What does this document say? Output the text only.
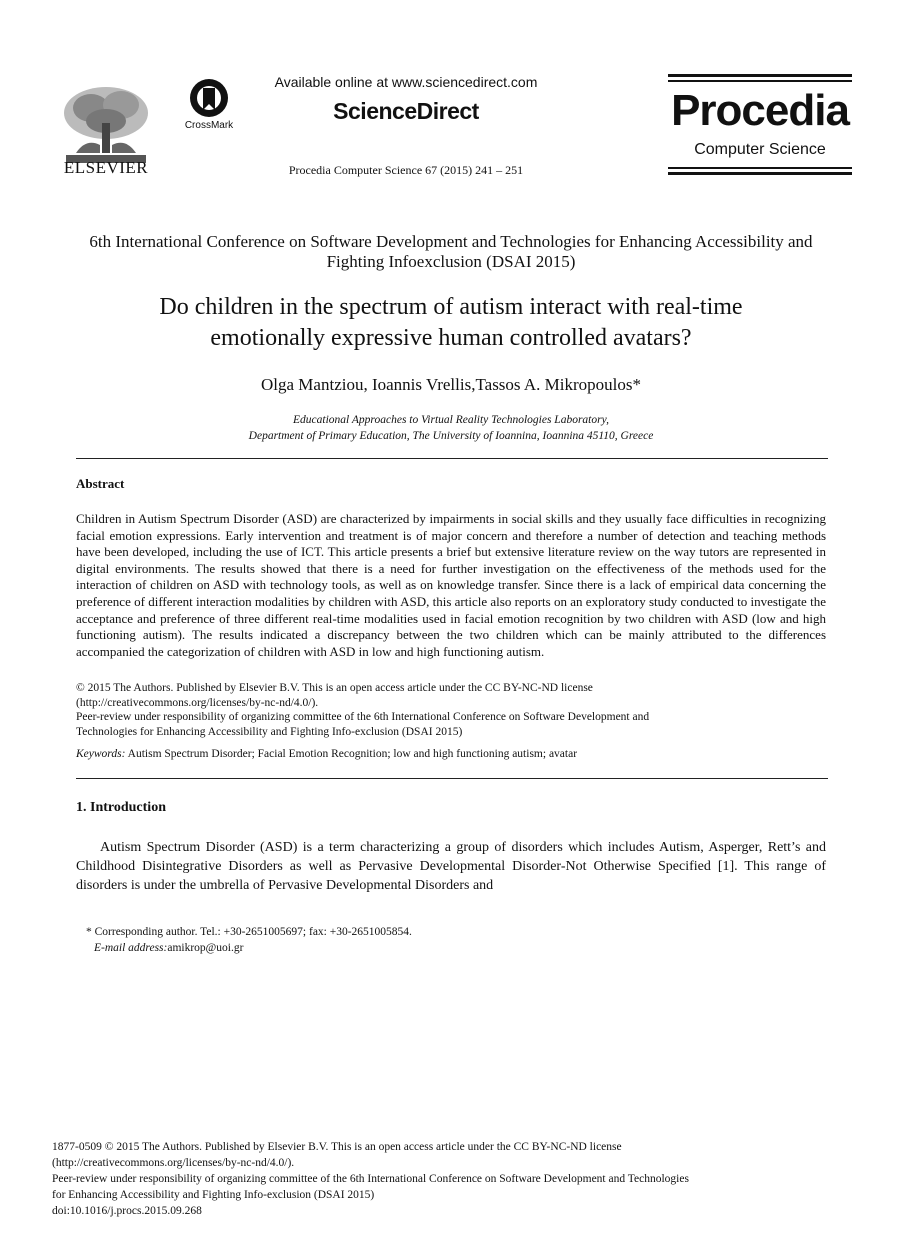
ELSEVIER
CrossMark
Available online at www.sciencedirect.com
ScienceDirect
Procedia Computer Science 67 (2015) 241 – 251
Procedia
Computer Science
6th International Conference on Software Development and Technologies for Enhancing Accessibility and Fighting Infoexclusion (DSAI 2015)
Do children in the spectrum of autism interact with real-time
emotionally expressive human controlled avatars?
Olga Mantziou, Ioannis Vrellis,Tassos A. Mikropoulos*
Educational Approaches to Virtual Reality Technologies Laboratory,
Department of Primary Education, The University of Ioannina, Ioannina 45110, Greece
Abstract
Children in Autism Spectrum Disorder (ASD) are characterized by impairments in social skills and they usually face difficulties in recognizing facial emotion expressions. Early intervention and treatment is of major concern and therefore a number of detection and teaching methods have been developed, including the use of ICT. This article presents a brief but extensive literature review on the way tutors are represented in digital environments. The results showed that there is a need for further investigation on the effectiveness of the methods used for the interaction of children on ASD with technology tools, as well as on knowledge transfer. Since there is a lack of empirical data concerning the preference of different interaction modalities by children with ASD, this article also reports on an exploratory study conducted to investigate the acceptance and preference of three different real-time modalities used in facial emotion recognition by two children with ASD (low and high functioning autism). The results indicated a discrepancy between the two children which can be mainly attributed to the differences accompanied the categorization of children with ASD in low and high functioning autism.
© 2015 The Authors. Published by Elsevier B.V. This is an open access article under the CC BY-NC-ND license
(http://creativecommons.org/licenses/by-nc-nd/4.0/).
Peer-review under responsibility of organizing committee of the 6th International Conference on Software Development and
Technologies for Enhancing Accessibility and Fighting Info-exclusion (DSAI 2015)
Keywords: Autism Spectrum Disorder; Facial Emotion Recognition; low and high functioning autism; avatar
1. Introduction
Autism Spectrum Disorder (ASD) is a term characterizing a group of disorders which includes Autism, Asperger, Rett’s and Childhood Disintegrative Disorders as well as Pervasive Developmental Disorder-Not Otherwise Specified [1]. This range of disorders is under the umbrella of Pervasive Developmental Disorders and
* Corresponding author. Tel.: +30-2651005697; fax: +30-2651005854.
E-mail address:amikrop@uoi.gr
1877-0509 © 2015 The Authors. Published by Elsevier B.V. This is an open access article under the CC BY-NC-ND license
(http://creativecommons.org/licenses/by-nc-nd/4.0/).
Peer-review under responsibility of organizing committee of the 6th International Conference on Software Development and Technologies
for Enhancing Accessibility and Fighting Info-exclusion (DSAI 2015)
doi:10.1016/j.procs.2015.09.268
